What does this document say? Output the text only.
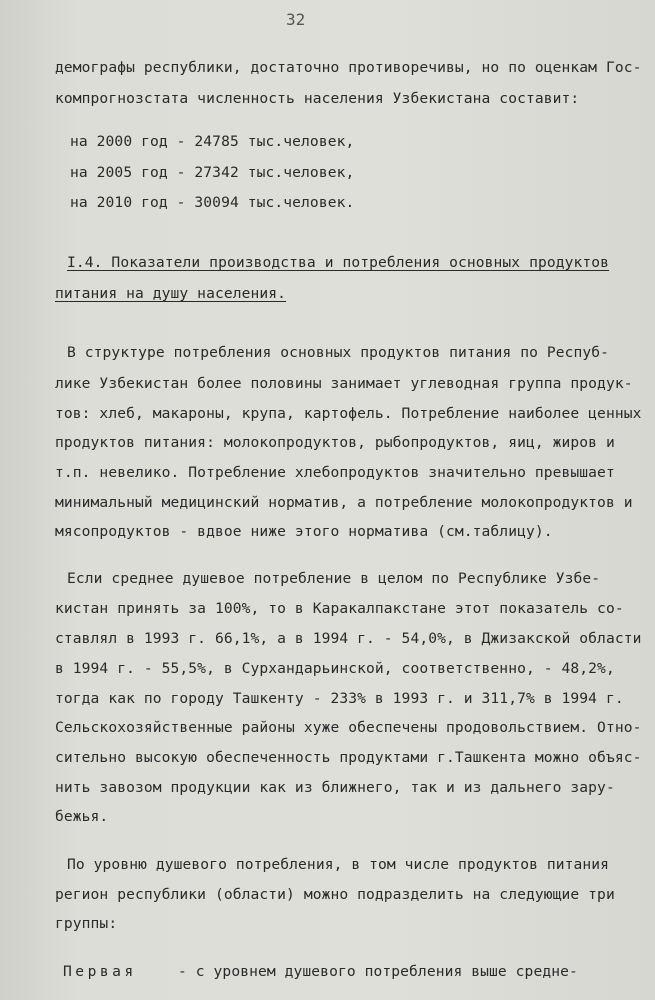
32
демографы республики, достаточно противоречивы, но по оценкам Гос-
компрогнозстата численность населения Узбекистана составит:
на 2000 год - 24785 тыс.человек,
на 2005 год - 27342 тыс.человек,
на 2010 год - 30094 тыс.человек.
I.4. Показатели производства и потребления основных продуктов
питания на душу населения.
В структуре потребления основных продуктов питания по Респуб-
лике Узбекистан более половины занимает углеводная группа продук-
тов: хлеб, макароны, крупа, картофель. Потребление наиболее ценных
продуктов питания: молокопродуктов, рыбопродуктов, яиц, жиров и
т.п. невелико. Потребление хлебопродуктов значительно превышает
минимальный медицинский норматив, а потребление молокопродуктов и
мясопродуктов - вдвое ниже этого норматива (см.таблицу).
Если среднее душевое потребление в целом по Республике Узбе-
кистан принять за 100%, то в Каракалпакстане этот показатель со-
ставлял в 1993 г. 66,1%, а в 1994 г. - 54,0%, в Джизакской области
в 1994 г. - 55,5%, в Сурхандарьинской, соответственно, - 48,2%,
тогда как по городу Ташкенту - 233% в 1993 г. и 311,7% в 1994 г.
Сельскохозяйственные районы хуже обеспечены продовольствием. Отно-
сительно высокую обеспеченность продуктами г.Ташкента можно объяс-
нить завозом продукции как из ближнего, так и из дальнего зару-
бежья.
По уровню душевого потребления, в том числе продуктов питания
регион республики (области) можно подразделить на следующие три
группы:
Первая	- с уровнем душевого потребления выше средне-
